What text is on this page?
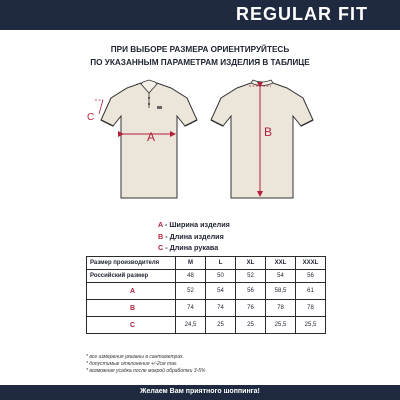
REGULAR FIT
ПРИ ВЫБОРЕ РАЗМЕРА ОРИЕНТИРУЙТЕСЬ
ПО УКАЗАННЫМ ПАРАМЕТРАМ ИЗДЕЛИЯ В ТАБЛИЦЕ
A
C
B
A - Ширина изделия
B - Длина изделия
C - Длина рукава
Размер производителя	M	L	XL	XXL	XXXL
Российский размер	48	50	52	54	56
A	52	54	56	58,5	61
B	74	74	76	78	78
C	24,5	25	25	25,5	25,5
* все измерения указаны в сантиметрах.
* допустимые отклонения +/-2см тах.
* возможная усадка после мокрой обработки 3-5%
Желаем Вам приятного шоппинга!
